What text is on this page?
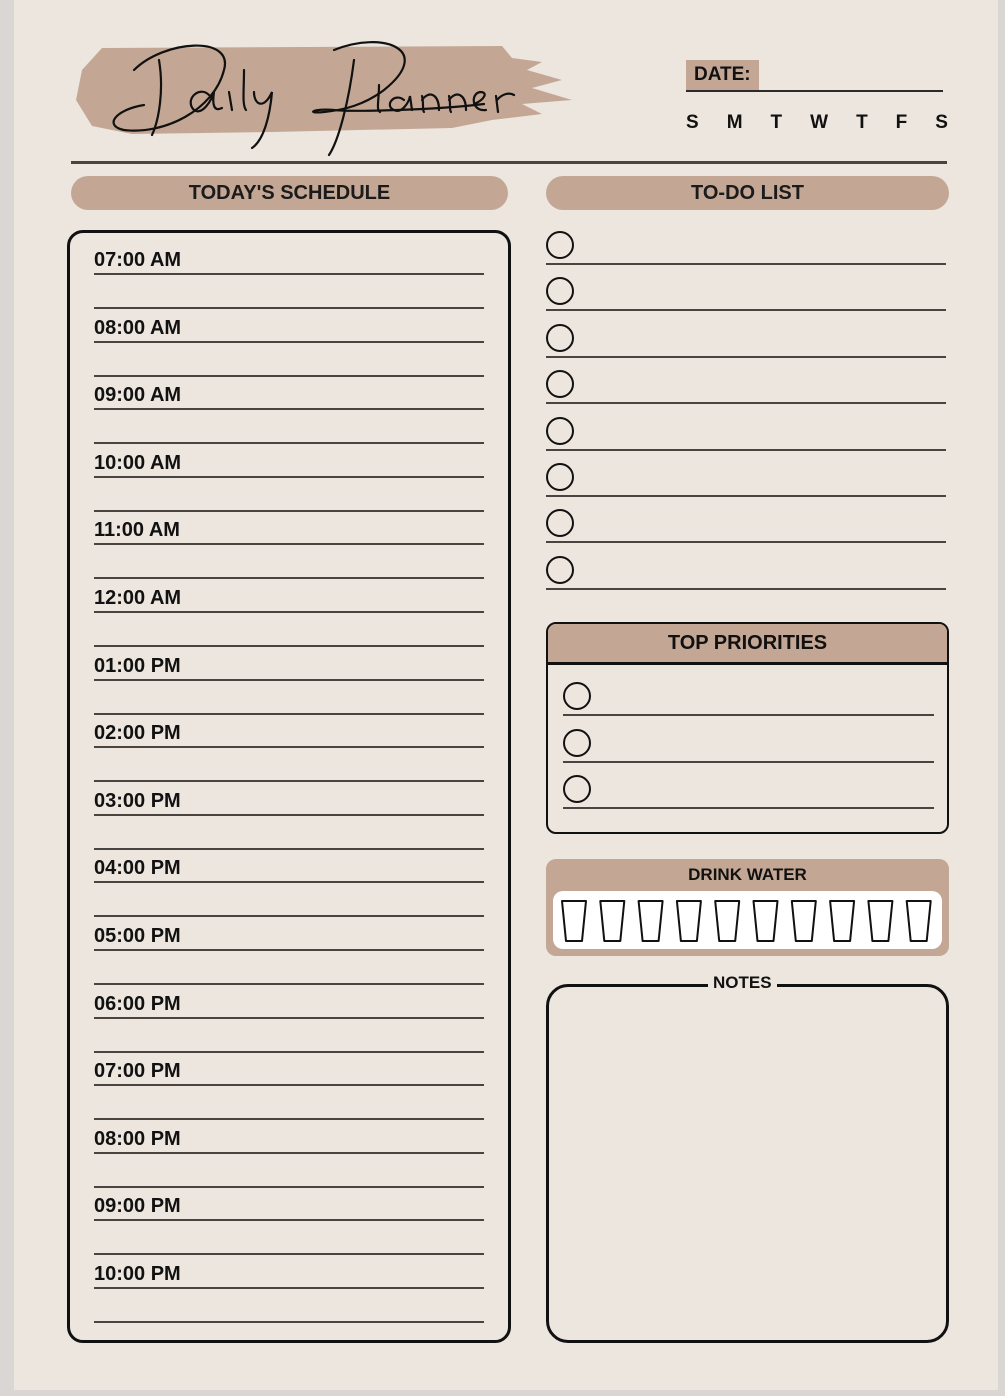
DATE:
S M T W T F S
TODAY'S SCHEDULE	TO-DO LIST
07:00 AM
08:00 AM
09:00 AM
10:00 AM
11:00 AM
12:00 AM
01:00 PM
02:00 PM
03:00 PM
04:00 PM
05:00 PM
06:00 PM
07:00 PM
08:00 PM
09:00 PM
10:00 PM
TOP PRIORITIES
DRINK WATER
NOTES
